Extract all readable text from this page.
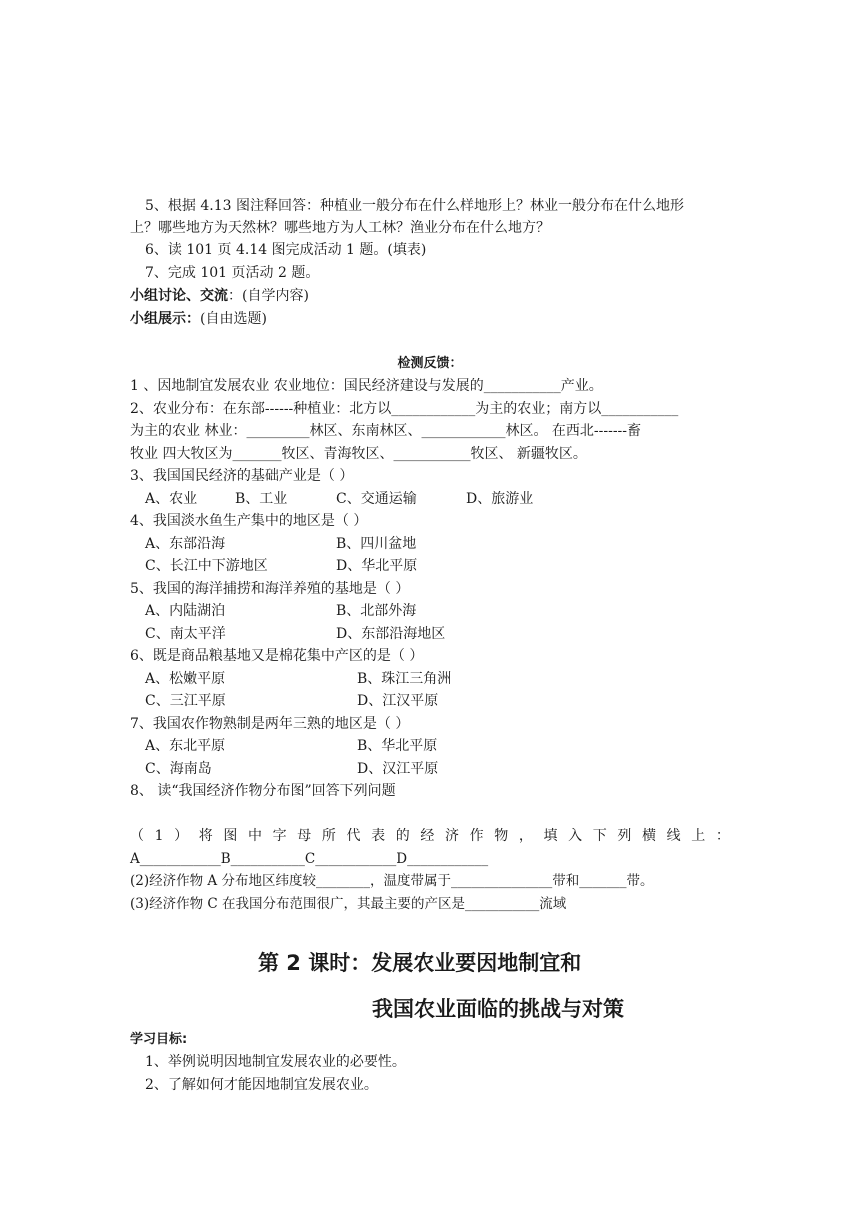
5、根据 4.13 图注释回答：种植业一般分布在什么样地形上？林业一般分布在什么地形
上？哪些地方为天然林？哪些地方为人工林？渔业分布在什么地方？
6、读 101 页 4.14 图完成活动 1 题。(填表)
7、完成 101 页活动 2 题。
小组讨论、交流：(自学内容)
小组展示：(自由选题)
检测反馈：
1 、因地制宜发展农业 农业地位：国民经济建设与发展的___________产业。
2、农业分布：在东部------种植业：北方以____________为主的农业；南方以___________
为主的农业 林业：_________林区、东南林区、____________林区。 在西北-------畜
牧业 四大牧区为_______牧区、青海牧区、___________牧区、 新疆牧区。
3、我国国民经济的基础产业是（ ）
A、农业	B、工业	C、交通运输	D、旅游业
4、我国淡水鱼生产集中的地区是（ ）
A、东部沿海	B、四川盆地
C、长江中下游地区	D、华北平原
5、我国的海洋捕捞和海洋养殖的基地是（ ）
A、内陆湖泊	B、北部外海
C、南太平洋	D、东部沿海地区
6、既是商品粮基地又是棉花集中产区的是（ ）
A、松嫩平原	B、珠江三角洲
C、三江平原	D、江汉平原
7、我国农作物熟制是两年三熟的地区是（ ）
A、东北平原	B、华北平原
C、海南岛	D、汉江平原
8、 读“我国经济作物分布图”回答下列问题
（ 1 ） 将 图 中 字 母 所 代 表 的 经 济 作 物 ， 填 入 下 列 横 线 上 ：
A____________B___________C____________D____________
(2)经济作物 A 分布地区纬度较________，温度带属于_______________带和_______带。
(3)经济作物 C 在我国分布范围很广，其最主要的产区是___________流域
第 2 课时：发展农业要因地制宜和
我国农业面临的挑战与对策
学习目标:
1、举例说明因地制宜发展农业的必要性。
2、了解如何才能因地制宜发展农业。
